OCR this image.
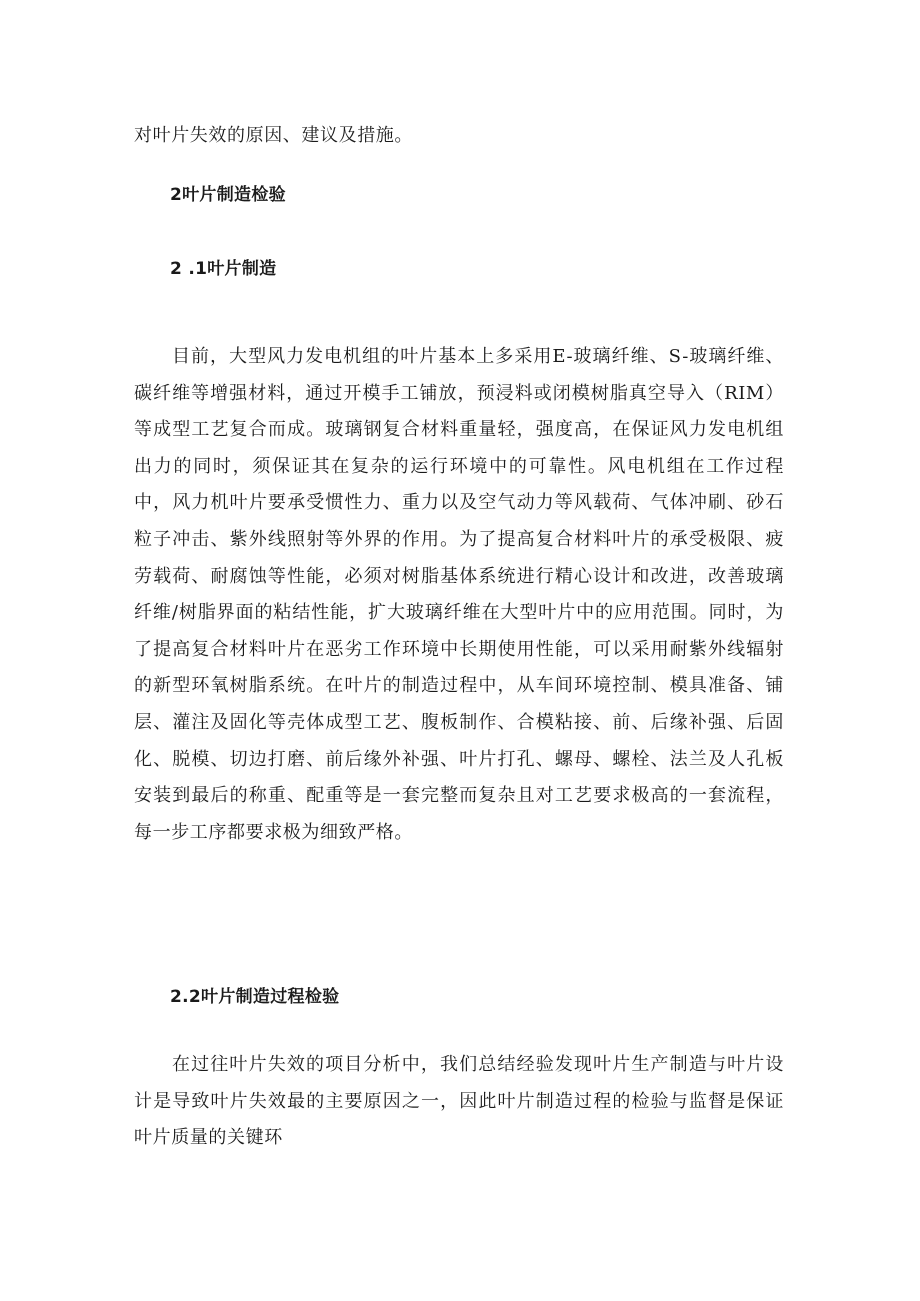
对叶片失效的原因、建议及措施。
2叶片制造检验
2 .1叶片制造
目前，大型风力发电机组的叶片基本上多采用E-玻璃纤维、S-玻璃纤维、碳纤维等增强材料，通过开模手工铺放，预浸料或闭模树脂真空导入（RIM）等成型工艺复合而成。玻璃钢复合材料重量轻，强度高，在保证风力发电机组出力的同时，须保证其在复杂的运行环境中的可靠性。风电机组在工作过程中，风力机叶片要承受惯性力、重力以及空气动力等风载荷、气体冲刷、砂石粒子冲击、紫外线照射等外界的作用。为了提高复合材料叶片的承受极限、疲劳载荷、耐腐蚀等性能，必须对树脂基体系统进行精心设计和改进，改善玻璃纤维/树脂界面的粘结性能，扩大玻璃纤维在大型叶片中的应用范围。同时，为了提高复合材料叶片在恶劣工作环境中长期使用性能，可以采用耐紫外线辐射的新型环氧树脂系统。在叶片的制造过程中，从车间环境控制、模具准备、铺层、灌注及固化等壳体成型工艺、腹板制作、合模粘接、前、后缘补强、后固化、脱模、切边打磨、前后缘外补强、叶片打孔、螺母、螺栓、法兰及人孔板安装到最后的称重、配重等是一套完整而复杂且对工艺要求极高的一套流程，每一步工序都要求极为细致严格。
2.2叶片制造过程检验
在过往叶片失效的项目分析中，我们总结经验发现叶片生产制造与叶片设计是导致叶片失效最的主要原因之一，因此叶片制造过程的检验与监督是保证叶片质量的关键环
